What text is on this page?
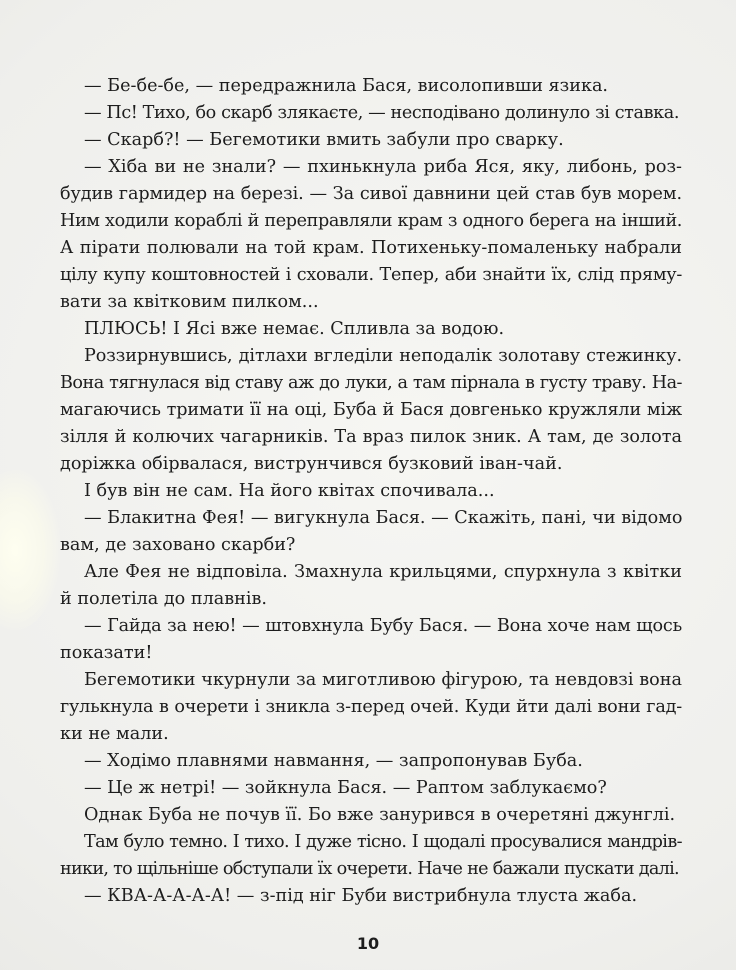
— Бе-бе-бе, — передражнила Бася, висолопивши язика.

— Пс! Тихо, бо скарб злякаєте, — несподівано долинуло зі ставка.

— Скарб?! — Бегемотики вмить забули про сварку.

— Хіба ви не знали? — пхинькнула риба Яся, яку, либонь, роз-
будив гармидер на березі. — За сивої давнини цей став був морем.
Ним ходили кораблі й переправляли крам з одного берега на інший.
А пірати полювали на той крам. Потихеньку-помаленьку набрали
цілу купу коштовностей і сховали. Тепер, аби знайти їх, слід пряму-
вати за квітковим пилком...

ПЛЮСЬ! І Ясі вже немає. Спливла за водою.

Роззирнувшись, дітлахи вгледіли неподалік золотаву стежинку.
Вона тягнулася від ставу аж до луки, а там пірнала в густу траву. На-
магаючись тримати її на оці, Буба й Бася довгенько кружляли між
зілля й колючих чагарників. Та враз пилок зник. А там, де золота
доріжка обірвалася, виструнчився бузковий іван-чай.

І був він не сам. На його квітах спочивала...

— Блакитна Фея! — вигукнула Бася. — Скажіть, пані, чи відомо
вам, де заховано скарби?

Але Фея не відповіла. Змахнула крильцями, спурхнула з квітки
й полетіла до плавнів.

— Гайда за нею! — штовхнула Бубу Бася. — Вона хоче нам щось
показати!

Бегемотики чкурнули за миготливою фігурою, та невдовзі вона
гулькнула в очерети і зникла з-перед очей. Куди йти далі вони гад-
ки не мали.

— Ходімо плавнями навмання, — запропонував Буба.

— Це ж нетрі! — зойкнула Бася. — Раптом заблукаємо?

Однак Буба не почув її. Бо вже занурився в очеретяні джунглі.

Там було темно. І тихо. І дуже тісно. І щодалі просувалися мандрів-
ники, то щільніше обступали їх очерети. Наче не бажали пускати далі.

— КВА-А-А-А-А! — з-під ніг Буби вистрибнула тлуста жаба.

10
